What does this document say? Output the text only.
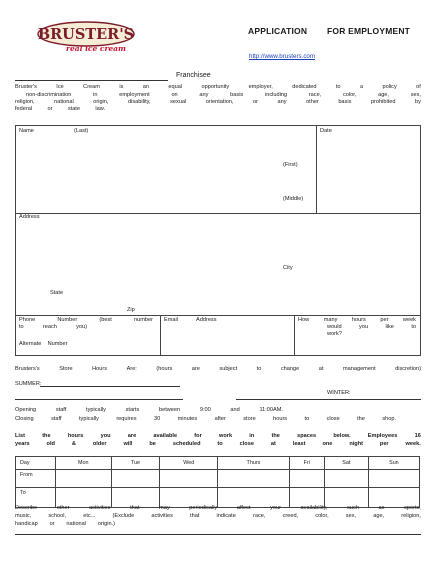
BRUSTER'S
real ice cream
APPLICATION FOR EMPLOYMENT
http://www.brusters.com
Franchisee
Bruster's	Ice	Cream	is	an	equal	opportunity	employer,	dedicated	to	a	policy	of
non-discrimination	in	employment	on	any	basis	including	race,	color,	age,	sex,
religion,	national	origin,	disability,	sexual	orientation,	or	any	other	basis	prohibited	by
federal	or	state	law.
Name	(Last)	Date
(First)
(Middle)
Address
City
State
Zip
Phone	Number	(best	number
to	reach	you)
Alternate Number
Email	Address	How	many	hours	per	week
would	you	like	to
work?
Brusters's	Store	Hours	Are:	(hours	are	subject	to	change	at	management	discretion)
SUMMER:
WINTER:
Opening	staff	typically	starts	between	9:00	and	11:00AM.
Closing	staff	typically	requires	30	minutes	after	store	hours	to	close	the	shop.
List	the	hours	you	are	available	for	work	in	the	spaces	below.	Employees	16
years	old	&	older	will	be	scheduled	to	close	at	least	one	night	per	week.
Day	Mon	Tue	Wed	Thurs	Fri	Sat	Sun
From							
To							
Describe	other	activities	that	may	periodically	affect	your	availability,	such	as	sports,
music,	school,	etc...	(Exclude	activities	that	indicate	race,	creed,	color,	sex,	age,	religion,
handicap or national origin.)
